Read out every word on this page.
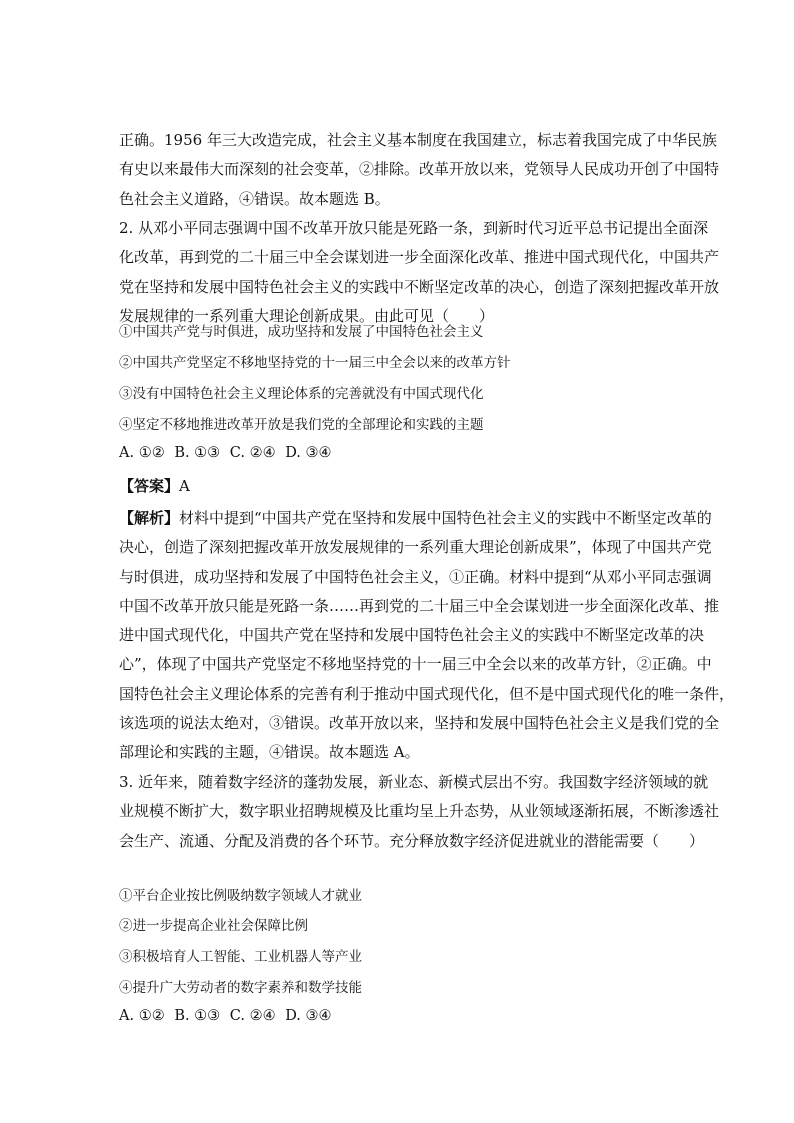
正确。1956 年三大改造完成，社会主义基本制度在我国建立，标志着我国完成了中华民族
有史以来最伟大而深刻的社会变革，②排除。改革开放以来，党领导人民成功开创了中国特
色社会主义道路，④错误。故本题选 B。
2. 从邓小平同志强调中国不改革开放只能是死路一条，到新时代习近平总书记提出全面深
化改革，再到党的二十届三中全会谋划进一步全面深化改革、推进中国式现代化，中国共产
党在坚持和发展中国特色社会主义的实践中不断坚定改革的决心，创造了深刻把握改革开放
发展规律的一系列重大理论创新成果。由此可见（　　）
①中国共产党与时俱进，成功坚持和发展了中国特色社会主义
②中国共产党坚定不移地坚持党的十一届三中全会以来的改革方针
③没有中国特色社会主义理论体系的完善就没有中国式现代化
④坚定不移地推进改革开放是我们党的全部理论和实践的主题
A. ①② B. ①③ C. ②④ D. ③④
【答案】A
【解析】材料中提到“中国共产党在坚持和发展中国特色社会主义的实践中不断坚定改革的
决心，创造了深刻把握改革开放发展规律的一系列重大理论创新成果”，体现了中国共产党
与时俱进，成功坚持和发展了中国特色社会主义，①正确。材料中提到“从邓小平同志强调
中国不改革开放只能是死路一条……再到党的二十届三中全会谋划进一步全面深化改革、推
进中国式现代化，中国共产党在坚持和发展中国特色社会主义的实践中不断坚定改革的决
心”，体现了中国共产党坚定不移地坚持党的十一届三中全会以来的改革方针，②正确。中
国特色社会主义理论体系的完善有利于推动中国式现代化，但不是中国式现代化的唯一条件，
该选项的说法太绝对，③错误。改革开放以来，坚持和发展中国特色社会主义是我们党的全
部理论和实践的主题，④错误。故本题选 A。
3. 近年来，随着数字经济的蓬勃发展，新业态、新模式层出不穷。我国数字经济领域的就
业规模不断扩大，数字职业招聘规模及比重均呈上升态势，从业领域逐渐拓展，不断渗透社
会生产、流通、分配及消费的各个环节。充分释放数字经济促进就业的潜能需要（　　）
①平台企业按比例吸纳数字领域人才就业
②进一步提高企业社会保障比例
③积极培育人工智能、工业机器人等产业
④提升广大劳动者的数字素养和数学技能
A. ①② B. ①③ C. ②④ D. ③④
